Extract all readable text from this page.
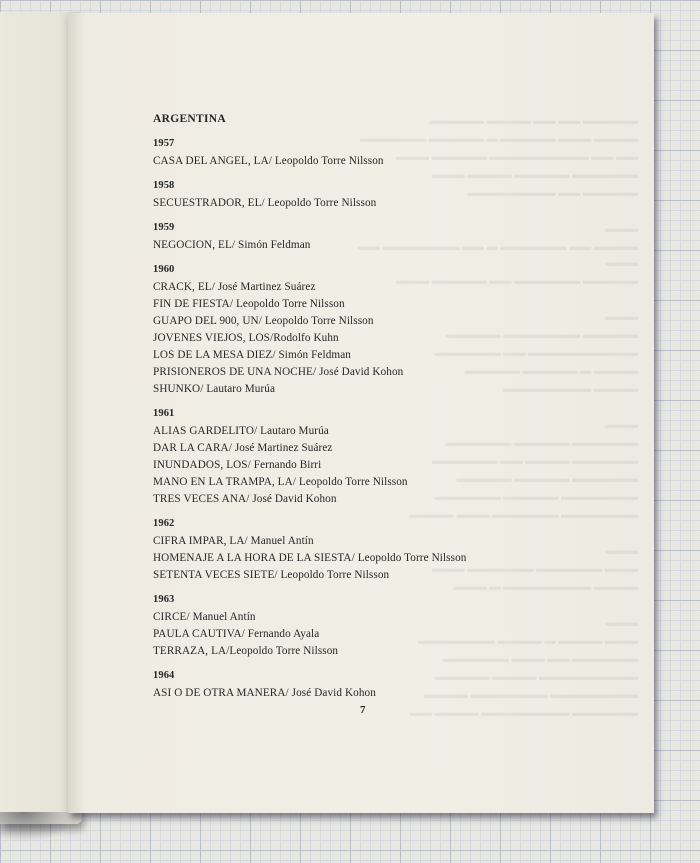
▬▬▬▬▬ ▬▬ ▬▬ ▬▬▬▬ ▬▬▬▬▬
▬▬▬▬ ▬▬▬ ▬▬▬▬▬ ▬ ▬▬▬▬▬ ▬▬▬▬▬▬
▬▬ ▬▬ ▬▬▬▬▬▬▬▬▬ ▬▬▬▬▬ ▬▬▬
▬▬▬▬▬▬ ▬▬▬▬▬ ▬▬▬▬ ▬▬▬
▬▬▬▬▬ ▬▬ ▬▬▬▬▬▬▬▬

▬▬▬
▬▬▬▬ ▬▬ ▬▬▬▬▬▬ ▬ ▬▬ ▬▬▬▬▬▬▬ ▬▬ ▬▬▬
▬▬▬▬▬ ▬▬▬▬▬▬ ▬▬ ▬▬▬▬▬ ▬▬▬

▬▬▬
▬▬▬▬▬ ▬▬▬▬▬▬▬ ▬▬▬▬▬
▬▬▬▬▬▬▬▬▬▬ ▬▬ ▬▬▬▬▬▬
▬▬▬▬ ▬ ▬▬▬▬▬ ▬▬▬▬▬
▬▬▬▬ ▬▬▬▬▬▬▬▬

▬▬▬
▬▬▬▬▬▬ ▬▬▬▬▬ ▬▬▬▬▬▬
▬▬▬▬▬▬ ▬▬▬▬ ▬▬ ▬▬▬▬▬▬
▬▬▬▬▬▬ ▬▬▬▬▬ ▬▬▬▬▬
▬▬▬▬▬▬▬ ▬▬▬▬▬ ▬▬▬▬▬▬
▬▬▬▬▬▬▬ ▬▬▬▬▬▬ ▬▬▬ ▬▬▬▬

▬▬▬
▬▬▬ ▬▬▬▬▬▬ ▬▬▬▬▬▬ ▬▬▬
▬▬▬▬ ▬▬▬▬▬▬▬▬ ▬ ▬▬▬

▬▬▬
▬▬▬ ▬▬▬▬ ▬ ▬▬▬▬ ▬▬▬▬▬▬▬
▬▬▬▬▬▬ ▬▬ ▬▬▬ ▬▬▬▬▬▬
▬▬▬▬▬▬▬▬▬ ▬▬▬▬ ▬▬▬▬▬
▬▬▬▬▬▬▬▬ ▬▬▬▬▬▬▬ ▬▬▬▬
▬▬▬▬▬▬ ▬▬▬▬▬▬▬▬ ▬▬▬▬ ▬▬
ARGENTINA
1957
CASA DEL ANGEL, LA/ Leopoldo Torre Nilsson
1958
SECUESTRADOR, EL/ Leopoldo Torre Nilsson
1959
NEGOCION, EL/ Simón Feldman
1960
CRACK, EL/ José Martinez Suárez
FIN DE FIESTA/ Leopoldo Torre Nilsson
GUAPO DEL 900, UN/ Leopoldo Torre Nilsson
JOVENES VIEJOS, LOS/Rodolfo Kuhn
LOS DE LA MESA DIEZ/ Simón Feldman
PRISIONEROS DE UNA NOCHE/ José David Kohon
SHUNKO/ Lautaro Murúa
1961
ALIAS GARDELITO/ Lautaro Murúa
DAR LA CARA/ José Martinez Suárez
INUNDADOS, LOS/ Fernando Birri
MANO EN LA TRAMPA, LA/ Leopoldo Torre Nilsson
TRES VECES ANA/ José David Kohon
1962
CIFRA IMPAR, LA/ Manuel Antín
HOMENAJE A LA HORA DE LA SIESTA/ Leopoldo Torre Nilsson
SETENTA VECES SIETE/ Leopoldo Torre Nilsson
1963
CIRCE/ Manuel Antín
PAULA CAUTIVA/ Fernando Ayala
TERRAZA, LA/Leopoldo Torre Nilsson
1964
ASI O DE OTRA MANERA/ José David Kohon
7
